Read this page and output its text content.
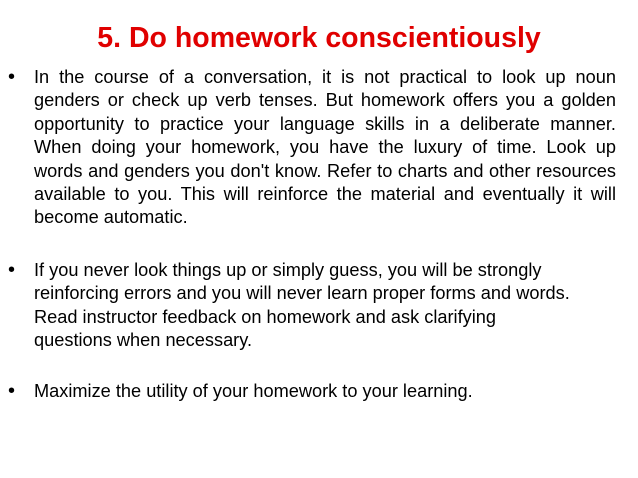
5. Do homework conscientiously
• In the course of a conversation, it is not practical to look up noun genders or check up verb tenses. But homework offers you a golden opportunity to practice your language skills in a deliberate manner. When doing your homework, you have the luxury of time. Look up words and genders you don't know. Refer to charts and other resources available to you. This will reinforce the material and eventually it will become automatic.

• If you never look things up or simply guess, you will be strongly reinforcing errors and you will never learn proper forms and words. Read instructor feedback on homework and ask clarifying questions when necessary.

• Maximize the utility of your homework to your learning.
